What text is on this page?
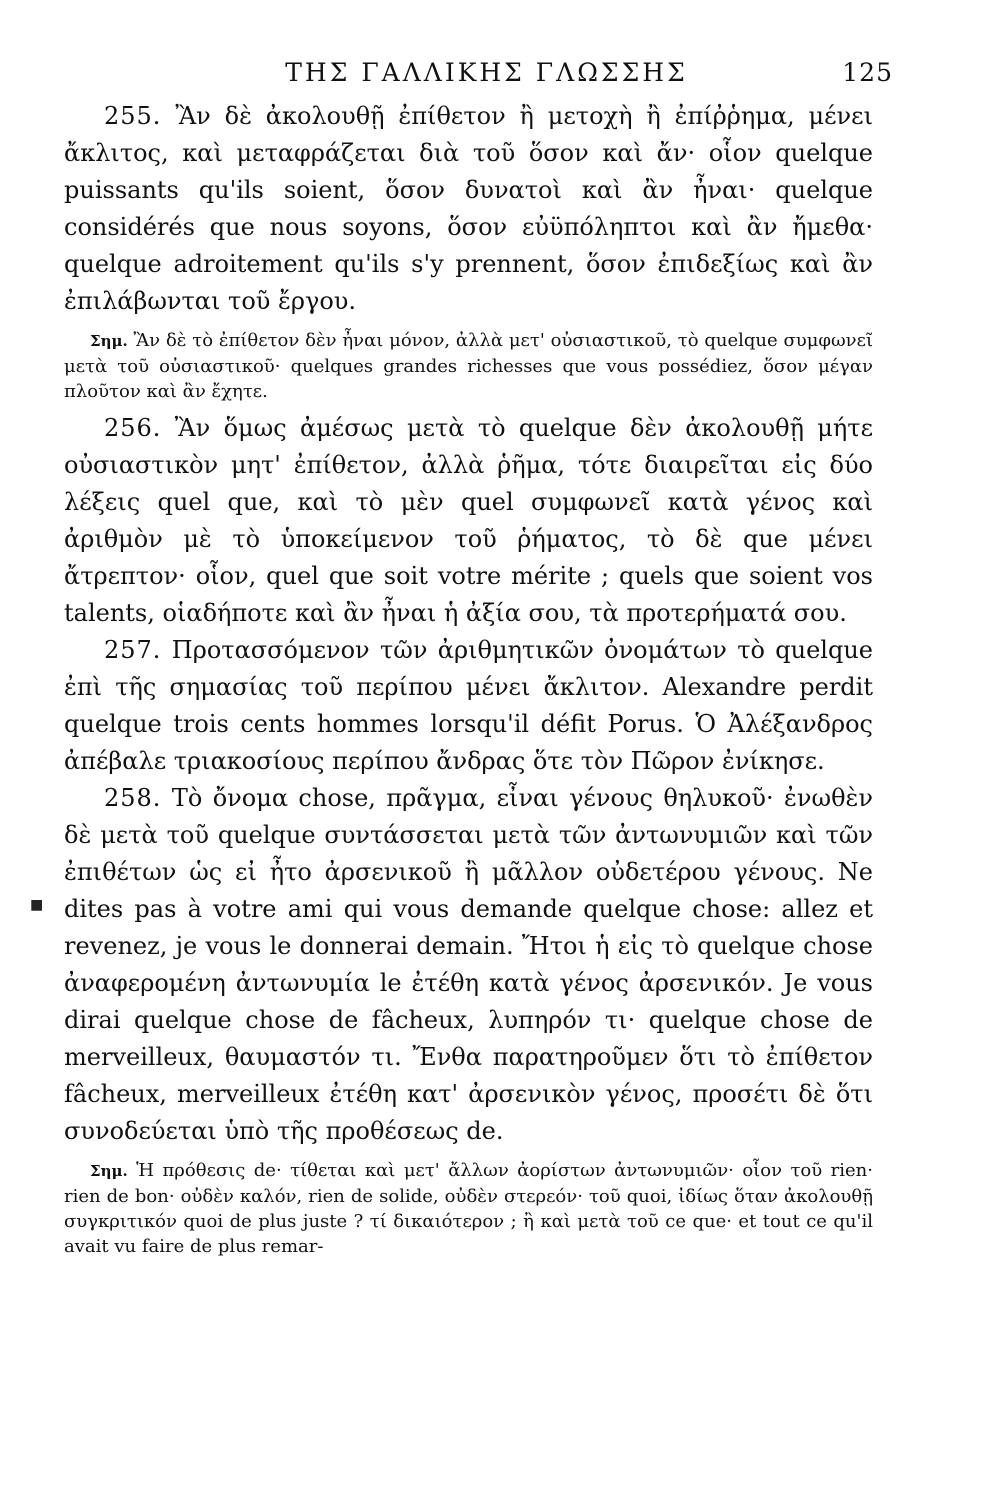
ΤΗΣ ΓΑΛΛΙΚΗΣ ΓΛΩΣΣΗΣ	125

255. Ἂν δὲ ἀκολουθῇ ἐπίθετον ἢ μετοχὴ ἢ ἐπίῤῥημα, μένει ἄκλιτος, καὶ μεταφράζεται διὰ τοῦ ὅσον καὶ ἄν· οἷον quelque puissants qu'ils soient, ὅσον δυνατοὶ καὶ ἂν ἦναι· quelque considérés que nous soyons, ὅσον εὐϋπόληπτοι καὶ ἂν ἤμεθα· quelque adroitement qu'ils s'y prennent, ὅσον ἐπιδεξίως καὶ ἂν ἐπιλάβωνται τοῦ ἔργου.

Σημ. Ἂν δὲ τὸ ἐπίθετον δὲν ἦναι μόνον, ἀλλὰ μετ' οὐσιαστικοῦ, τὸ quelque συμφωνεῖ μετὰ τοῦ οὐσιαστικοῦ· quelques grandes richesses que vous possédiez, ὅσον μέγαν πλοῦτον καὶ ἂν ἔχητε.

256. Ἂν ὅμως ἀμέσως μετὰ τὸ quelque δὲν ἀκολουθῇ μήτε οὐσιαστικὸν μητ' ἐπίθετον, ἀλλὰ ῥῆμα, τότε διαιρεῖται εἰς δύο λέξεις quel que, καὶ τὸ μὲν quel συμφωνεῖ κατὰ γένος καὶ ἀριθμὸν μὲ τὸ ὑποκείμενον τοῦ ῥήματος, τὸ δὲ que μένει ἄτρεπτον· οἷον, quel que soit votre mérite ; quels que soient vos talents, οἱαδήποτε καὶ ἂν ἦναι ἡ ἀξία σου, τὰ προτερήματά σου.

257. Προτασσόμενον τῶν ἀριθμητικῶν ὀνομάτων τὸ quelque ἐπὶ τῆς σημασίας τοῦ περίπου μένει ἄκλιτον. Alexandre perdit quelque trois cents hommes lorsqu'il défit Porus. Ὁ Ἀλέξανδρος ἀπέβαλε τριακοσίους περίπου ἄνδρας ὅτε τὸν Πῶρον ἐνίκησε.

258. Τὸ ὄνομα chose, πρᾶγμα, εἶναι γένους θηλυκοῦ· ἐνωθὲν δὲ μετὰ τοῦ quelque συντάσσεται μετὰ τῶν ἀντωνυμιῶν καὶ τῶν ἐπιθέτων ὡς εἰ ἦτο ἀρσενικοῦ ἢ μᾶλλον οὐδετέρου γένους. Ne dites pas à votre ami qui vous demande quelque chose: allez et revenez, je vous le donnerai demain. Ἤτοι ἡ εἰς τὸ quelque chose ἀναφερομένη ἀντωνυμία le ἐτέθη κατὰ γένος ἀρσενικόν. Je vous dirai quelque chose de fâcheux, λυπηρόν τι· quelque chose de merveilleux, θαυμαστόν τι. Ἔνθα παρατηροῦμεν ὅτι τὸ ἐπίθετον fâcheux, merveilleux ἐτέθη κατ' ἀρσενικὸν γένος, προσέτι δὲ ὅτι συνοδεύεται ὑπὸ τῆς προθέσεως de.

Σημ. Ἡ πρόθεσις de· τίθεται καὶ μετ' ἄλλων ἀορίστων ἀντωνυμιῶν· οἷον τοῦ rien· rien de bon· οὐδὲν καλόν, rien de solide, οὐδὲν στερεόν· τοῦ quoi, ἰδίως ὅταν ἀκολουθῇ συγκριτικόν quoi de plus juste ? τί δικαιότερον ; ἢ καὶ μετὰ τοῦ ce que· et tout ce qu'il avait vu faire de plus remar-

■
